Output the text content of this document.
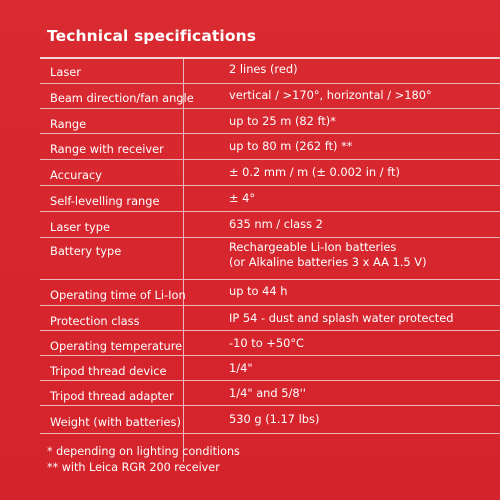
Technical specifications
Laser	2 lines (red)
Beam direction/fan angle	vertical / >170°, horizontal / >180°
Range	up to 25 m (82 ft)*
Range with receiver	up to 80 m (262 ft) **
Accuracy	± 0.2 mm / m (± 0.002 in / ft)
Self-levelling range	± 4°
Laser type	635 nm / class 2
Battery type	Rechargeable Li-Ion batteries
(or Alkaline batteries 3 x AA 1.5 V)
Operating time of Li-Ion	up to 44 h
Protection class	IP 54 - dust and splash water protected
Operating temperature	-10 to +50°C
Tripod thread device	1/4"
Tripod thread adapter	1/4" and 5/8''
Weight (with batteries)	530 g (1.17 lbs)
* depending on lighting conditions
** with Leica RGR 200 receiver
